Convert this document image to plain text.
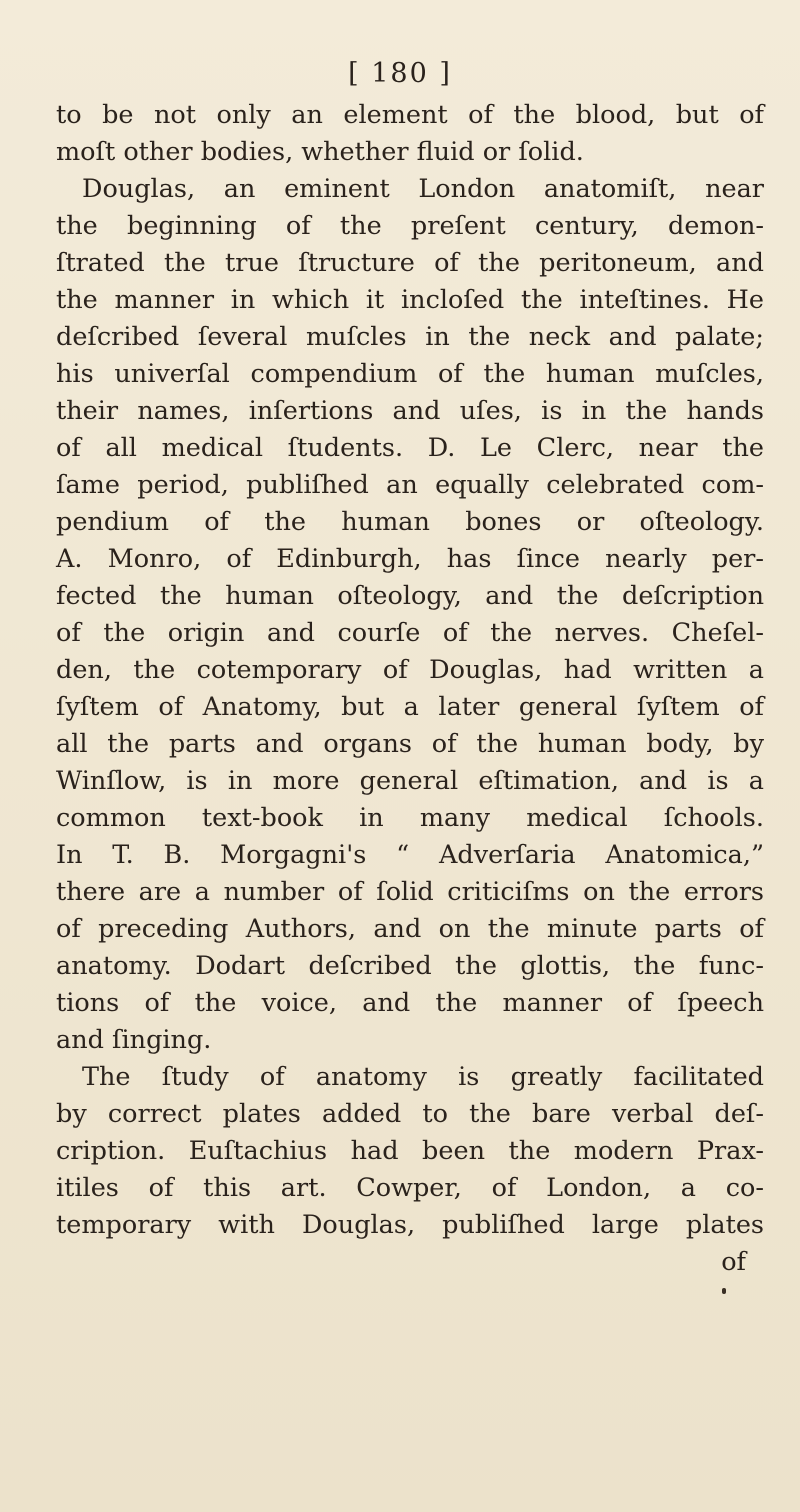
[ 180 ]
to be not only an element of the blood, but of
moſt other bodies, whether fluid or ſolid.
Douglas, an eminent London anatomiſt, near
the beginning of the preſent century, demon-
ſtrated the true ſtructure of the peritoneum, and
the manner in which it incloſed the inteſtines. He
deſcribed ſeveral muſcles in the neck and palate;
his univerſal compendium of the human muſcles,
their names, inſertions and uſes, is in the hands
of all medical ſtudents. D. Le Clerc, near the
ſame period, publiſhed an equally celebrated com-
pendium of the human bones or oſteology.
A. Monro, of Edinburgh, has ſince nearly per-
fected the human oſteology, and the deſcription
of the origin and courſe of the nerves. Cheſel-
den, the cotemporary of Douglas, had written a
ſyſtem of Anatomy, but a later general ſyſtem of
all the parts and organs of the human body, by
Winſlow, is in more general eſtimation, and is a
common text-book in many medical ſchools.
In T. B. Morgagni's “ Adverſaria Anatomica,”
there are a number of ſolid criticiſms on the errors
of preceding Authors, and on the minute parts of
anatomy. Dodart deſcribed the glottis, the func-
tions of the voice, and the manner of ſpeech
and ſinging.
The ſtudy of anatomy is greatly facilitated
by correct plates added to the bare verbal deſ-
cription. Euſtachius had been the modern Prax-
itiles of this art. Cowper, of London, a co-
temporary with Douglas, publiſhed large plates
of
